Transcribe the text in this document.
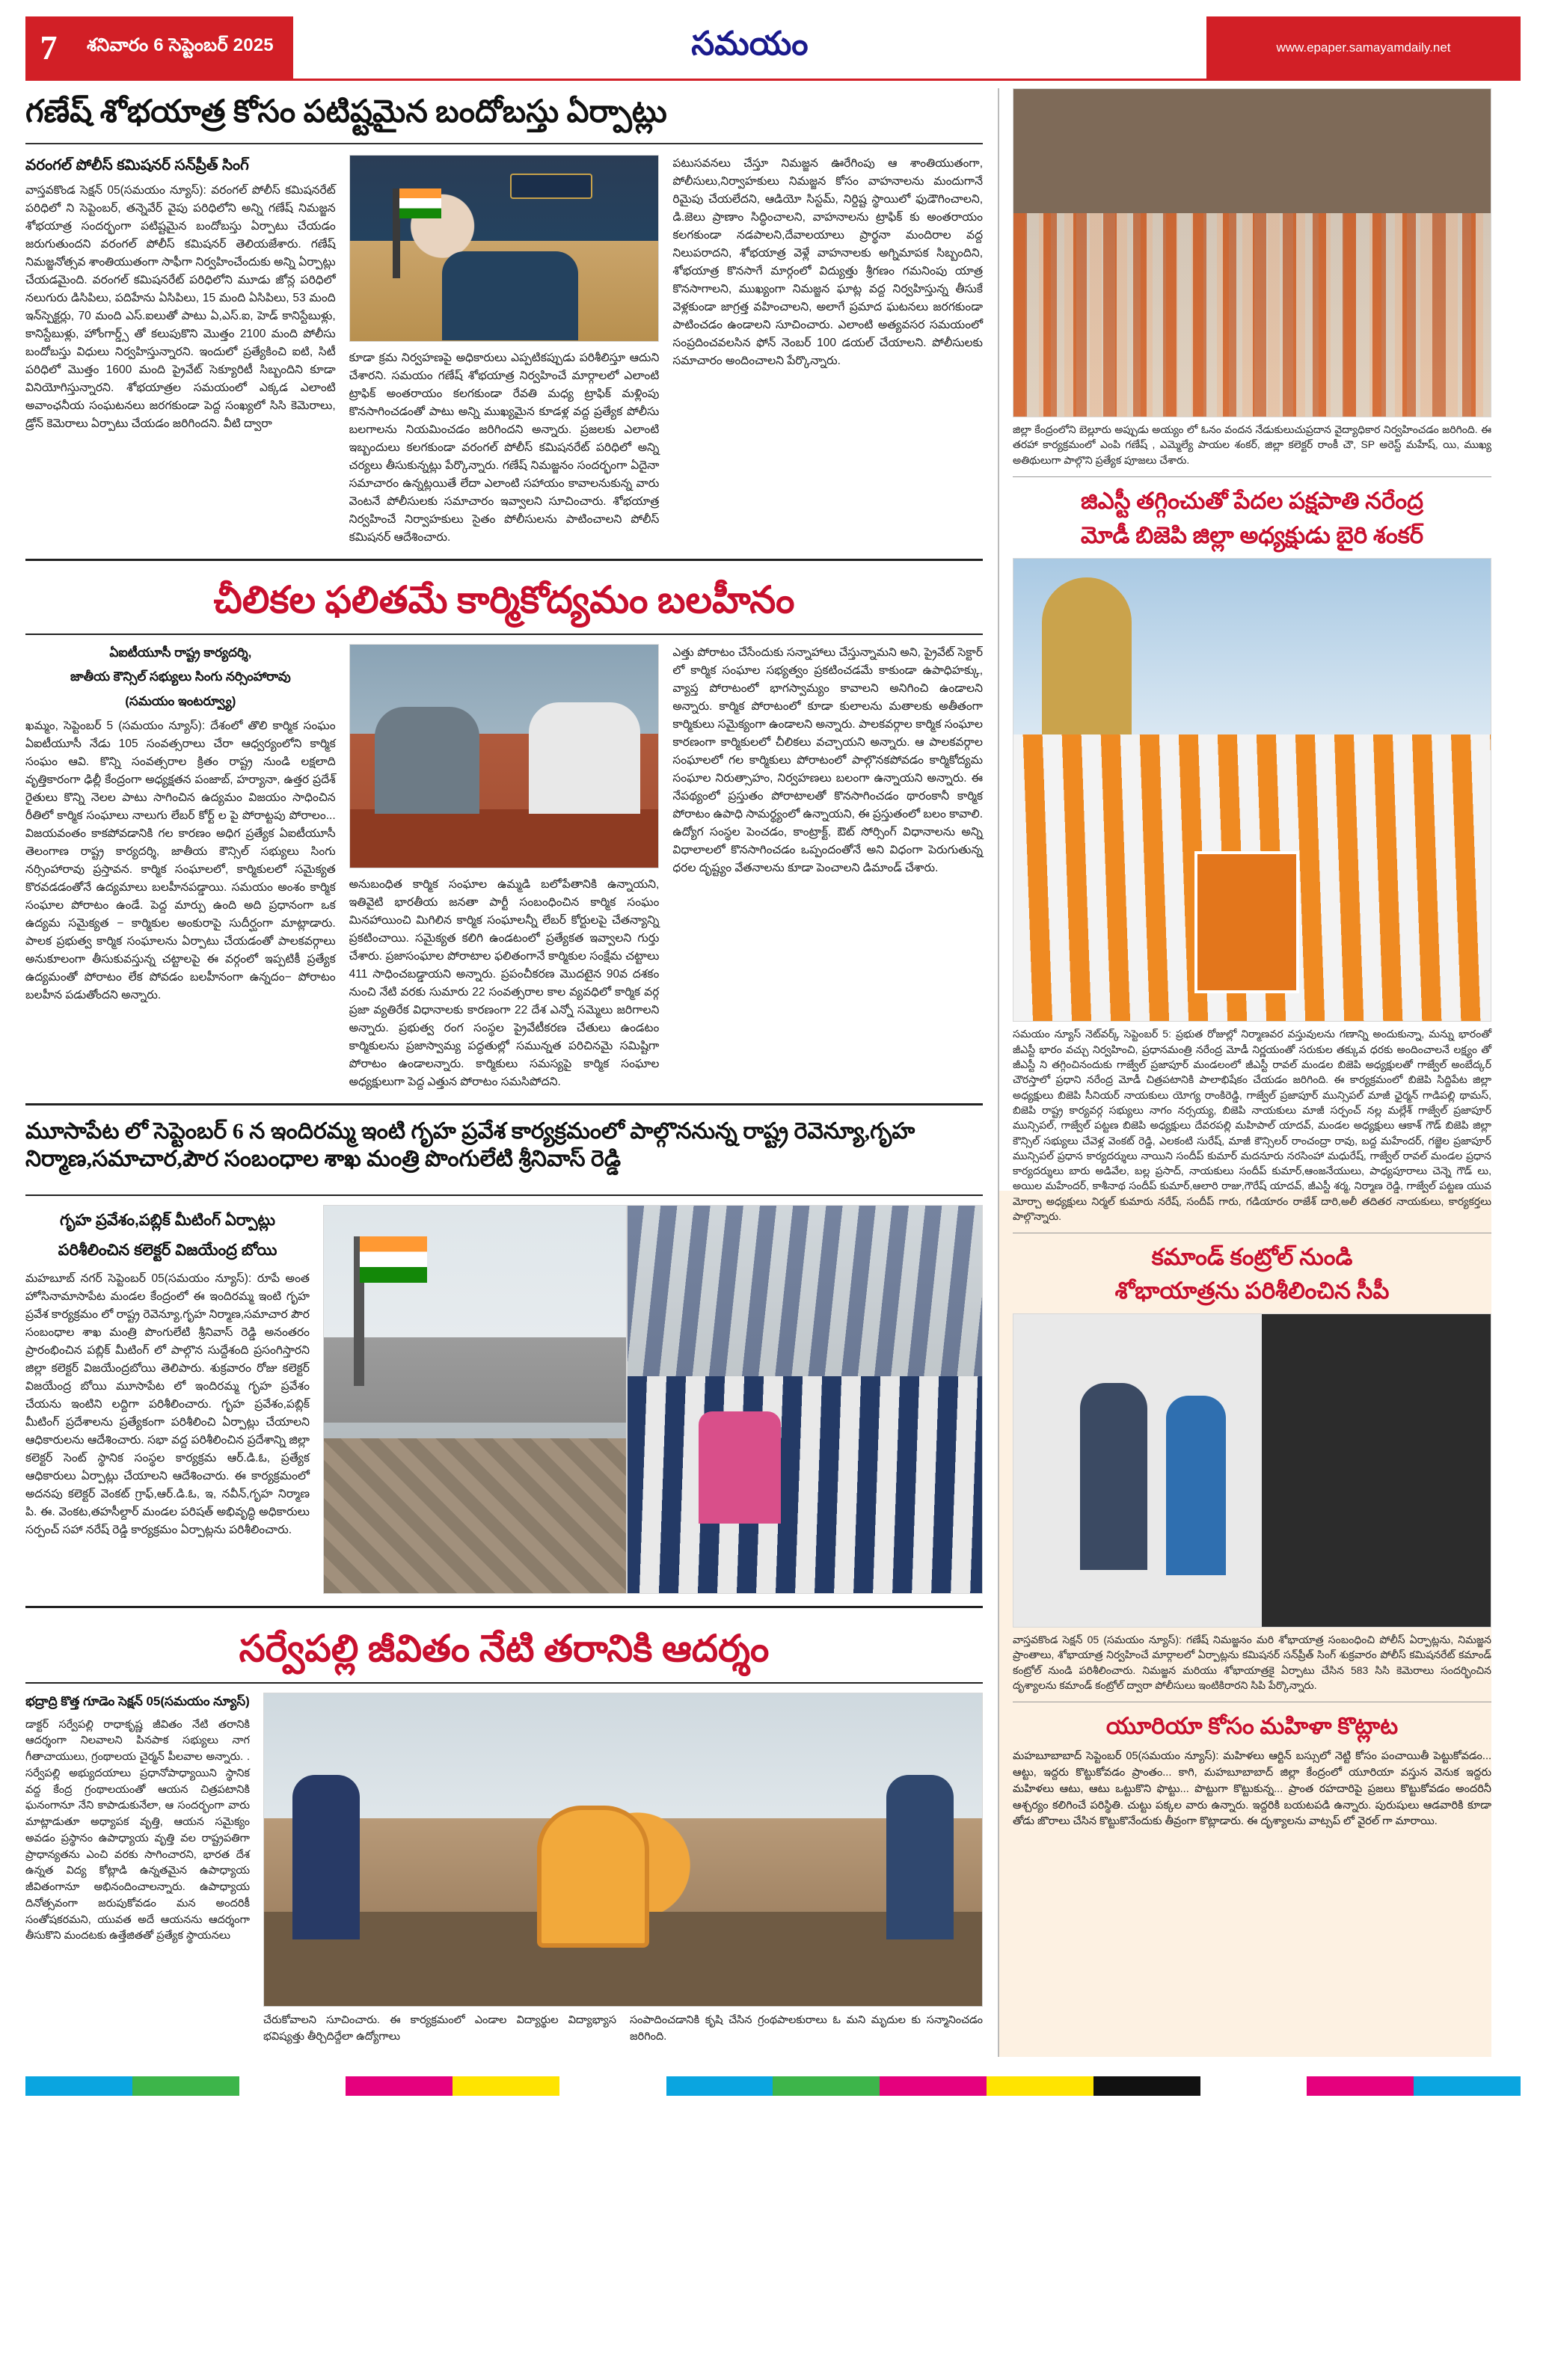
7	శనివారం 6 సెప్టెంబర్ 2025	సమయం	www.epaper.samayamdaily.net
గణేష్ శోభయాత్ర కోసం పటిష్టమైన బందోబస్తు ఏర్పాట్లు
వరంగల్ పోలీస్ కమిషనర్ సన్‌ప్రీత్ సింగ్
వాస్తవకొండ సెక్షన్‌ 05(సమయం న్యూస్): వరంగల్ పోలీస్ కమిషనరేట్ పరిధిలో ని సెప్టెంబర్, తన్నెవేర్ వైపు పరిధిలోని అన్ని గణేష్ నిమజ్జన శోభయాత్ర సందర్భంగా పటిష్టమైన బందోబస్తు ఏర్పాటు చేయడం జరుగుతుందని వరంగల్ పోలీస్ కమిషనర్ తెలియజేశారు. గణేష్ నిమజ్జనోత్సవ శాంతియుతంగా సాఫీగా నిర్వహించేందుకు అన్ని ఏర్పాట్లు చేయడమైంది. వరంగల్ కమిషనరేట్ పరిధిలోని మూడు జోన్ల పరిధిలో నలుగురు డిసిపిలు, పదిహేను ఏసిపిలు, 15 మంది ఏసిపిలు, 53 మంది ఇన్‌స్పెక్టర్లు, 70 మంది ఎస్.ఐలుతో పాటు ఏ,ఎస్.ఐ, హెడ్ కానిస్టేబుళ్లు, కానిస్టేబుళ్లు, హోంగార్డ్స్ తో కలుపుకొని మొత్తం 2100 మంది పోలీసు బందోబస్తు విధులు నిర్వహిస్తున్నారని. ఇందులో ప్రత్యేకించి ఐటి, సిటీ పరిధిలో మొత్తం 1600 మంది ప్రైవేట్ సెక్యూరిటీ సిబ్బందిని కూడా వినియోగిస్తున్నారని. శోభయాత్రల సమయంలో ఎక్కడ ఎలాంటి అవాంఛనీయ సంఘటనలు జరగకుండా పెద్ద సంఖ్యలో సిసి కెమెరాలు, డ్రోన్ కెమెరాలు ఏర్పాటు చేయడం జరిగిందని. వీటి ద్వారా
కూడా క్రమ నిర్వహణపై అధికారులు ఎప్పటికప్పుడు పరిశీలిస్తూ ఆదుని చేశారని. సమయం గణేష్ శోభయాత్ర నిర్వహించే మార్గాలలో ఎలాంటి ట్రాఫిక్ అంతరాయం కలగకుండా రేవతి మధ్య ట్రాఫిక్ మళ్లింపు కొనసాగించడంతో పాటు అన్ని ముఖ్యమైన కూడళ్ల వద్ద ప్రత్యేక పోలీసు బలగాలను నియమించడం జరిగిందని అన్నారు. ప్రజలకు ఎలాంటి ఇబ్బందులు కలగకుండా వరంగల్ పోలీస్ కమిషనరేట్ పరిధిలో అన్ని చర్యలు తీసుకున్నట్లు పేర్కొన్నారు. గణేష్ నిమజ్జనం సందర్భంగా ఏదైనా సమాచారం ఉన్నట్లయితే లేదా ఎలాంటి సహాయం కావాలనుకున్న వారు వెంటనే పోలీసులకు సమాచారం ఇవ్వాలని సూచించారు. శోభయాత్ర నిర్వహించే నిర్వాహకులు సైతం పోలీసులను పాటించాలని పోలీస్ కమిషనర్ ఆదేశించారు.
పటుసవనలు చేస్తూ నిమజ్జన ఊరేగింపు ఆ శాంతియుతంగా, పోలీసులు,నిర్వాహకులు నిమజ్జన కోసం వాహనాలను మందుగానే రిమైపు చేయలేదని, ఆడియో సిస్టమ్, నిర్దిష్ట స్థాయిలో ఫుడౌగించాలని, డి.జెలు ప్రాణాం సిద్ధించాలని, వాహనాలను ట్రాఫిక్ కు అంతరాయం కలగకుండా నడపాలని,దేవాలయాలు ప్రార్థనా మందిరాల వద్ద నిలుపరాదని, శోభయాత్ర వెళ్లే వాహనాలకు అగ్నిమాపక సిబ్బందిని, శోభయాత్ర కొనసాగే మార్గంలో విద్యుత్తు శ్రీగణం గమనింపు యాత్ర కొనసాగాలని, ముఖ్యంగా నిమజ్జన ఘాట్ల వద్ద నిర్వహిస్తున్న తీసుకే వెళ్లకుండా జాగ్రత్త వహించాలని, అలాగే ప్రమాద ఘటనలు జరగకుండా పాటించడం ఉండాలని సూచించారు. ఎలాంటి అత్యవసర సమయంలో సంప్రదించవలసిన ఫోన్ నెంబర్ 100 డయల్ చేయాలని. పోలీసులకు సమాచారం అందించాలని పేర్కొన్నారు.
చీలికల ఫలితమే కార్మికోద్యమం బలహీనం
ఏఐటీయూసీ రాష్ట్ర కార్యదర్శి,
జాతీయ కౌన్సిల్ సభ్యులు సింగు నర్సింహారావు
(సమయం ఇంటర్వ్యూ)
ఖమ్మం, సెప్టెంబర్‌ 5 (సమయం న్యూస్): దేశంలో తొలి కార్మిక సంఘం ఏఐటీయూసీ నేడు 105 సంవత్సరాలు చేరా ఆధ్వర్యంలోని కార్మిక సంఘం ఆవి. కొన్ని సంవత్సరాల క్రితం రాష్ట్ర నుండి లక్షలాది వృత్తికారంగా ఢిల్లీ కేంద్రంగా అధ్యక్షతన పంజాబ్, హర్యానా, ఉత్తర ప్రదేశ్ రైతులు కొన్ని నెలల పాటు సాగించిన ఉద్యమం విజయం సాధించిన రీతిలో కార్మిక సంఘాలు నాలుగు లేబర్ కోర్ట్ ల పై పోరాట్టపు పోరాలం... విజయవంతం కాకపోవడానికి గల కారణం అధిగ ప్రత్యేక ఏఐటీయూసీ తెలంగాణ రాష్ట్ర కార్యదర్శి, జాతీయ కౌన్సిల్ సభ్యులు సింగు నర్సింహారావు ప్రస్తావన. కార్మిక సంఘాలలో, కార్మికులలో సమైక్యత కొరవడడంతోనే ఉద్యమాలు బలహీనపడ్డాయి. సమయం అంశం కార్మిక సంఘాల పోరాటం ఉండే. పెద్ద మార్పు ఉంది అది ప్రధానంగా ఒక ఉద్యమ సమైక్యత − కార్మికుల అంకురాపై సుదీర్ఘంగా మాట్లాడారు. పాలక ప్రభుత్వ కార్మిక సంఘాలను ఏర్పాటు చేయడంతో పాలకవర్గాలు అనుకూలంగా తీసుకువస్తున్న చట్టాలపై ఈ వర్గంలో ఇప్పటికీ ప్రత్యేక ఉద్యమంతో పోరాటం లేక పోవడం బలహీనంగా ఉన్నదం− పోరాటం బలహీన పడుతోందని అన్నారు.
అనుబంధిత కార్మిక సంఘాల ఉమ్మడి బలోపేతానికి ఉన్నాయని, ఇతివైటి భారతీయ జనతా పార్టీ సంబంధించిన కార్మిక సంఘం మినహాయించి మిగిలిన కార్మిక సంఘాలన్నీ లేబర్ కోర్టులపై చేతన్యాన్ని ప్రకటించాయి. సమైక్యత కలిగి ఉండటంలో ప్రత్యేకత ఇవ్వాలని గుర్తు చేశారు. ప్రజాసంఘాల పోరాటాల ఫలితంగానే కార్మికుల సంక్షేమ చట్టాలు 411 సాధించబడ్డాయని అన్నారు. ప్రపంచీకరణ మొదటైన 90వ దశకం నుంచి నేటి వరకు సుమారు 22 సంవత్సరాల కాల వ్యవధిలో కార్మిక వర్గ ప్రజా వ్యతిరేక విధానాలకు కారణంగా 22 దేశ ఎన్నో సమ్మెలు జరిగాలని అన్నారు. ప్రభుత్వ రంగ సంస్థల ప్రైవేటీకరణ చేతులు ఉండటం కార్మికులను ప్రజాస్వామ్య పద్ధతుల్లో సమున్నత పరిచినమై సమిష్టిగా పోరాటం ఉండాలన్నారు. కార్మికులు సమస్యపై కార్మిక సంఘాల అధ్యక్షులుగా పెద్ద ఎత్తున పోరాటం సమసిపోదని.
ఎత్తు పోరాటం చేసేందుకు సన్నాహాలు చేస్తున్నామని అని, ప్రైవేట్ సెక్టార్ లో కార్మిక సంఘాల సభ్యత్వం ప్రకటించడమే కాకుండా ఉపాధిహక్కు, వ్యాప్త పోరాటంలో భాగస్వామ్యం కావాలని అనిగించి ఉండాలని అన్నారు. కార్మిక పోరాటంలో కూడా కులాలను మతాలకు అతీతంగా కార్మికులు సమైక్యంగా ఉండాలని అన్నారు. పాలకవర్గాల కార్మిక సంఘాల కారణంగా కార్మికులలో చీలికలు వచ్చాయని అన్నారు. ఆ పాలకవర్గాల సంఘాలలో గల కార్మికులు పోరాటంలో పాల్గొనకపోవడం కార్మికోద్యమ సంఘాల నిరుత్సాహం, నిర్వహణలు బలంగా ఉన్నాయని అన్నారు. ఈ నేపథ్యంలో ప్రస్తుతం పోరాటాలతో కొనసాగించడం థారంకానీ కార్మిక పోరాటం ఉపాధి సామర్థ్యంలో ఉన్నాయని, ఈ ప్రస్తుతంలో బలం కావాలి. ఉద్యోగ సంస్థల పెంచడం, కాంట్రాక్ట్, ఔట్‌ సోర్సింగ్ విధానాలను అన్ని విధాలాలలో కొనసాగించడం ఒప్పందంతోనే అని విధంగా పెరుగుతున్న ధరల దృష్ట్యం వేతనాలను కూడా పెంచాలని డిమాండ్ చేశారు.
మూసాపేట లో సెప్టెంబర్ 6 న ఇందిరమ్మ ఇంటి గృహ ప్రవేశ కార్యక్రమంలో పాల్గొననున్న రాష్ట్ర రెవెన్యూ,గృహ నిర్మాణ,సమాచార,పౌర సంబంధాల శాఖ మంత్రి పొంగులేటి శ్రీనివాస్ రెడ్డి
గృహ ప్రవేశం,పబ్లిక్ మీటింగ్ ఏర్పాట్లు
పరిశీలించిన కలెక్టర్ విజయేంద్ర బోయి
మహబూబ్ నగర్ సెప్టెంబర్ 05(సమయం న్యూస్): రూపే అంత హోసినామాసాపేట మండల కేంద్రంలో ఈ ఇందిరమ్మ ఇంటి గృహ ప్రవేశ కార్యక్రమం లో రాష్ట్ర రెవెన్యూ,గృహ నిర్మాణ,సమాచార పౌర సంబంధాల శాఖ మంత్రి పొంగులేటి శ్రీనివాస్ రెడ్డి అనంతరం ప్రారంభించిన పబ్లిక్ మీటింగ్ లో పాల్గొన సుద్దేశంది ప్రసంగిస్తారని జిల్లా కలెక్టర్ విజయేంద్రబోయి తెలిపారు. శుక్రవారం రోజు కలెక్టర్ విజయేంద్ర బోయి మూసాపేట లో ఇందిరమ్మ గృహ ప్రవేశం చేయను ఇంటిని లద్దిగా పరిశీలించారు. గృహ ప్రవేశం,పబ్లిక్ మీటింగ్ ప్రదేశాలను ప్రత్యేకంగా పరిశీలించి ఏర్పాట్లు చేయాలని ఆధికారులను ఆదేశించారు. సభా వద్ద పరిశీలించిన ప్రదేశాన్ని జిల్లా కలెక్టర్ సెంట్ స్థానిక సంస్థల కార్యక్రమ ఆర్.డి.ఓ, ప్రత్యేక ఆధికారులు ఏర్పాట్లు చేయాలని ఆదేశించారు. ఈ కార్యక్రమంలో అదనపు కలెక్టర్ వెంకట్ గ్రాఫ్,ఆర్.డి.ఓ, ఇ, నవీన్,గృహ నిర్మాణ పి. ఈ. వెంకట,తహసీల్దార్ మండల పరిషత్ అభివృద్ధి అధికారులు సర్పంచ్ సహా నరేష్ రెడ్డి కార్యక్రమం ఏర్పాట్లను పరిశీలించారు.
సర్వేపల్లి జీవితం నేటి తరానికి ఆదర్శం
భద్రాద్రి కొత్త గూడెం సెక్షన్‌ 05(సమయం న్యూస్)
డాక్టర్ సర్వేపల్లి రాధాకృష్ణ జీవితం నేటి తరానికి ఆదర్శంగా నిలవాలని పినపాక సభ్యులు నాగ గీతాచాయులు, గ్రంథాలయ చైర్మన్ పీలవాల అన్నారు. . సర్వేపల్లి అభ్యుదయాలు ప్రధానోపాధ్యాయిని స్థానిక వద్ద కేంద్ర గ్రంథాలయంతో ఆయన చిత్రపటానికి ఘనంగానూ నేని కాపాడుకునేలా, ఆ సందర్భంగా వారు మాట్లాడుతూ అధ్యాపక వృత్తి, ఆయన సమైక్యం అవడం ప్రస్థానం ఉపాధ్యాయ వృత్తి వల రాష్ట్రపతిగా ప్రాధాన్యతను ఎంచి వరకు సాగించారని, భారత దేశ ఉన్నత విద్య కోట్లాడి ఉన్నతమైన ఉపాధ్యాయ జీవితంగానూ అభినందించాలన్నారు. ఉపాధ్యాయ దినోత్సవంగా జరుపుకోవడం మన అందరికీ సంతోషకరమని, యువత అదే ఆయనను ఆదర్శంగా తీసుకొని మందటకు ఉత్తేజితతో ప్రత్యేక స్థాయనలు
చేరుకోవాలని సూచించారు. ఈ కార్యక్రమంలో ఎండాల విద్యార్థుల విద్యాభ్యాస భవిష్యత్తు తీర్చిదిద్దేలా ఉద్యోగాలు
సంపాదించడానికి కృషి చేసిన గ్రంథపాలకురాలు ఓ మని మృదుల కు సన్మానించడం జరిగింది.
జిల్లా కేంద్రంలోని బెల్లూరు అప్పుడు అయ్యం లో ఓనం వందన నేడుకులుచుప్రదాన వైద్యాధికార నిర్వహించడం జరిగింది. ఈ తరహా కార్యక్రమంలో ఎంపి గణేష్ , ఎమ్మెల్యే పాయల శంకర్, జిల్లా కలెక్టర్ రాంకీ చౌ, SP అరెస్ట్ మహేష్, యి, ముఖ్య అతిథులుగా పాల్గొని ప్రత్యేక పూజలు చేశారు.
జిఎస్టీ తగ్గించుతో పేదల పక్షపాతి నరేంద్ర
మోడీ బిజెపి జిల్లా అధ్యక్షుడు బైరి శంకర్
సమయం న్యూస్ నెట్‌వర్క్ సెప్టెంబర్ 5: ప్రభుత రోజుల్లో నిర్మాణవర వస్తువులను గణాన్ని అందుకున్నా, మన్ను భారంతో జీఎస్టీ భారం వచ్చు నిర్వహించి, ప్రధానమంత్రి నరేంద్ర మోడీ నిర్ణయంతో సరుకుల తక్కువ ధరకు అందించాలనే లక్ష్యం తో జీఎస్టీ ని తగ్గించినందుకు గాజ్వేల్ ప్రజాపూర్ మండలంలో జీఎస్టీ రావల్ మండల బిజెపి అధ్యక్షులతో గాజ్వేల్ అంబేద్కర్ చౌరస్తాలో ప్రధాని నరేంద్ర మోడీ చిత్రపటానికి పాలాభిషేకం చేయడం జరిగింది. ఈ కార్యక్రమంలో బిజెపి సిద్దిపేట జిల్లా అధ్యక్షులు బిజెపి సీనియర్ నాయకులు యోగ్య రాంకిరెడ్డి, గాజ్వేల్ ప్రజాపూర్ మున్సిపల్ మాజీ ఛైర్మన్ గాడిపల్లి థామస్, బిజెపి రాష్ట్ర కార్యవర్గ సభ్యులు నాగం నర్సయ్య, బిజెపి నాయకులు మాజీ సర్పంచ్ నల్ల మల్లేశ్ గాజ్వేల్ ప్రజాపూర్ మున్సిపల్, గాజ్వేల్ పట్టణ బిజెపి అధ్యక్షులు దేవరపల్లి మహిపాల్ యాదవ్, మండల అధ్యక్షులు ఆకాశ్ గౌడ్ బిజెపి జిల్లా కౌన్సిల్ సభ్యులు చేవెళ్ల వెంకట్ రెడ్డి, ఎలకంటి సురేష్, మాజీ కౌన్సిలర్ రాంచంద్రా రావు, బద్ద మహేందర్, గజ్జెల ప్రజాపూర్ మున్సిపల్ ప్రధాన కార్యదర్శులు నాయిని సందీప్ కుమార్ మదనూరు నరసింహా మధురేష్, గాజ్వేల్ రావల్ మండల ప్రధాన కార్యదర్శులు బారు అడివేల, బల్ల ప్రసాద్, నాయకులు సందీప్ కుమార్,ఆంజనేయులు, పాధ్యపూరాలు చెన్నె గౌడ్ లు, అయిల మహేందర్, కాశీనాథ సందీప్ కుమార్,ఆలారి రాజు,గౌరేష్ యాదవ్, జీఎస్టీ శర్మ, నిర్మాణ రెడ్డి, గాజ్వేల్ పట్టణ యువ మోర్చా అధ్యక్షులు నిర్మల్ కుమారు నరేష్, సందీప్ గారు, గడియారం రాజేశ్ దారి,అలీ తదితర నాయకులు, కార్యకర్తలు పాల్గొన్నారు.
కమాండ్ కంట్రోల్ నుండి
శోభాయాత్రను పరిశీలించిన సీపీ
వాస్తవకొండ సెక్షన్‌ 05 (సమయం న్యూస్): గణేష్ నిమజ్జనం మరి శోభాయాత్ర సంబంధించి పోలీస్ ఏర్పాట్లను, నిమజ్జన ప్రాంతాలు, శోభాయాత్ర నిర్వహించే మార్గాలలో ఏర్పాట్లను కమిషనర్ సన్‌ప్రీత్ సింగ్ శుక్రవారం పోలీస్ కమిషనరేట్ కమాండ్ కంట్రోల్ నుండి పరిశీలించారు. నిమజ్జన మరియు శోభాయాత్రకై ఏర్పాటు చేసిన 583 సిసి కెమెరాలు సందర్భించిన దృశ్యాలను కమాండ్ కంట్రోల్ ద్వారా పోలీసులు ఇంటికిరారని సిపి పేర్కొన్నారు.
యూరియా కోసం మహిళా కొట్లాట
మహబూబాబాద్ సెప్టెంబర్ 05(సమయం న్యూస్): మహిళలు ఆర్టిన్ బస్సులో నెట్టి కోసం పంచాయితీ పెట్టుకోవడం... ఆట్టు, ఇద్దరు కొట్టుకోవడం ప్రాంతం... కాగి, మహబూబాబాద్ జిల్లా కేంద్రంలో యూరియా వస్తున వెనుక ఇద్దరు మహిళలు ఆటు, ఆటు ఒట్టుకొని ఫొట్టు... పొట్టుగా కొట్టుకున్న... ప్రాంత రహదారిపై ప్రజలు కొట్టుకోవడం అందరినీ ఆశ్చర్యం కలిగించే పరిస్థితి. చుట్టు పక్కల వారు ఉన్నారు. ఇద్దరికి బయటపడి ఉన్నారు. పురుషులు ఆడవారికి కూడా తోడు జొరాలు చేసిన కొట్టుకొనేందుకు తీవ్రంగా కొట్లాడారు. ఈ దృశ్యాలను వాట్సప్ లో వైరల్ గా మారాయి.
